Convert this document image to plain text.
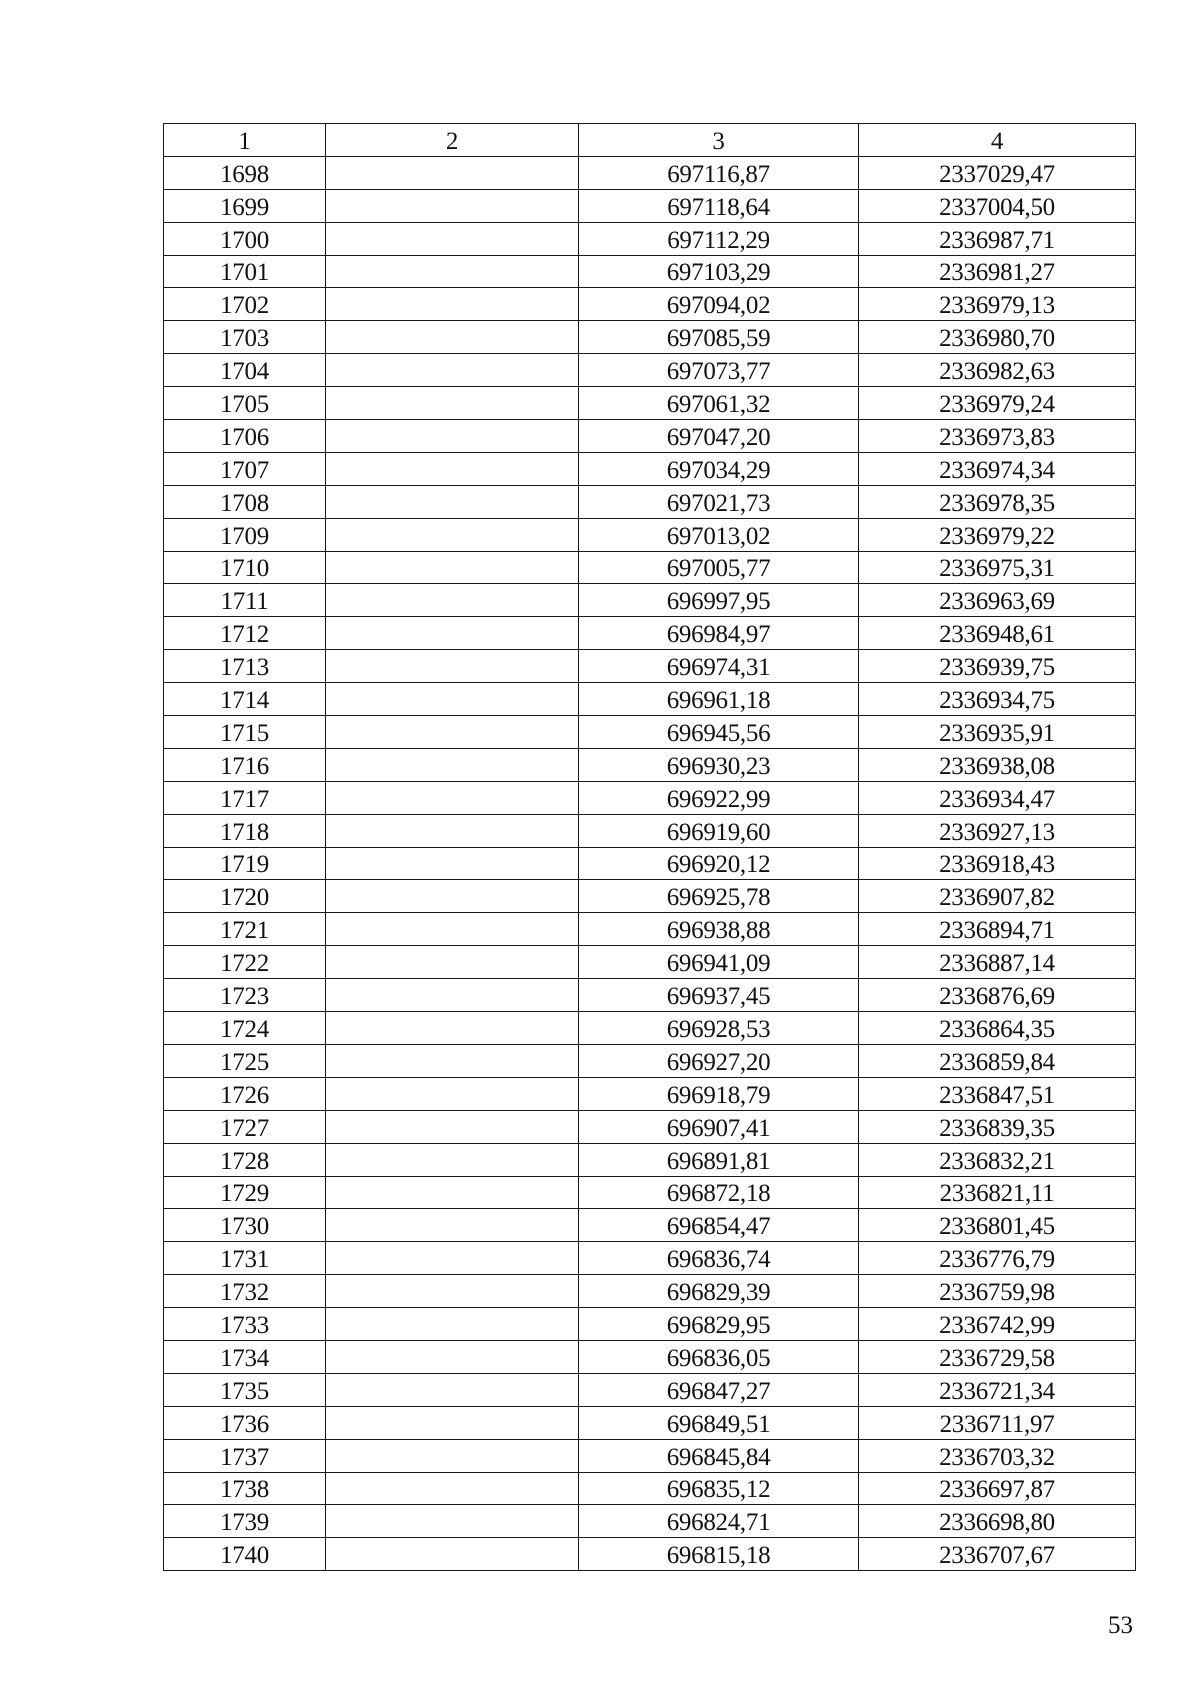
1	2	3	4
1698		697116,87	2337029,47
1699		697118,64	2337004,50
1700		697112,29	2336987,71
1701		697103,29	2336981,27
1702		697094,02	2336979,13
1703		697085,59	2336980,70
1704		697073,77	2336982,63
1705		697061,32	2336979,24
1706		697047,20	2336973,83
1707		697034,29	2336974,34
1708		697021,73	2336978,35
1709		697013,02	2336979,22
1710		697005,77	2336975,31
1711		696997,95	2336963,69
1712		696984,97	2336948,61
1713		696974,31	2336939,75
1714		696961,18	2336934,75
1715		696945,56	2336935,91
1716		696930,23	2336938,08
1717		696922,99	2336934,47
1718		696919,60	2336927,13
1719		696920,12	2336918,43
1720		696925,78	2336907,82
1721		696938,88	2336894,71
1722		696941,09	2336887,14
1723		696937,45	2336876,69
1724		696928,53	2336864,35
1725		696927,20	2336859,84
1726		696918,79	2336847,51
1727		696907,41	2336839,35
1728		696891,81	2336832,21
1729		696872,18	2336821,11
1730		696854,47	2336801,45
1731		696836,74	2336776,79
1732		696829,39	2336759,98
1733		696829,95	2336742,99
1734		696836,05	2336729,58
1735		696847,27	2336721,34
1736		696849,51	2336711,97
1737		696845,84	2336703,32
1738		696835,12	2336697,87
1739		696824,71	2336698,80
1740		696815,18	2336707,67
53
